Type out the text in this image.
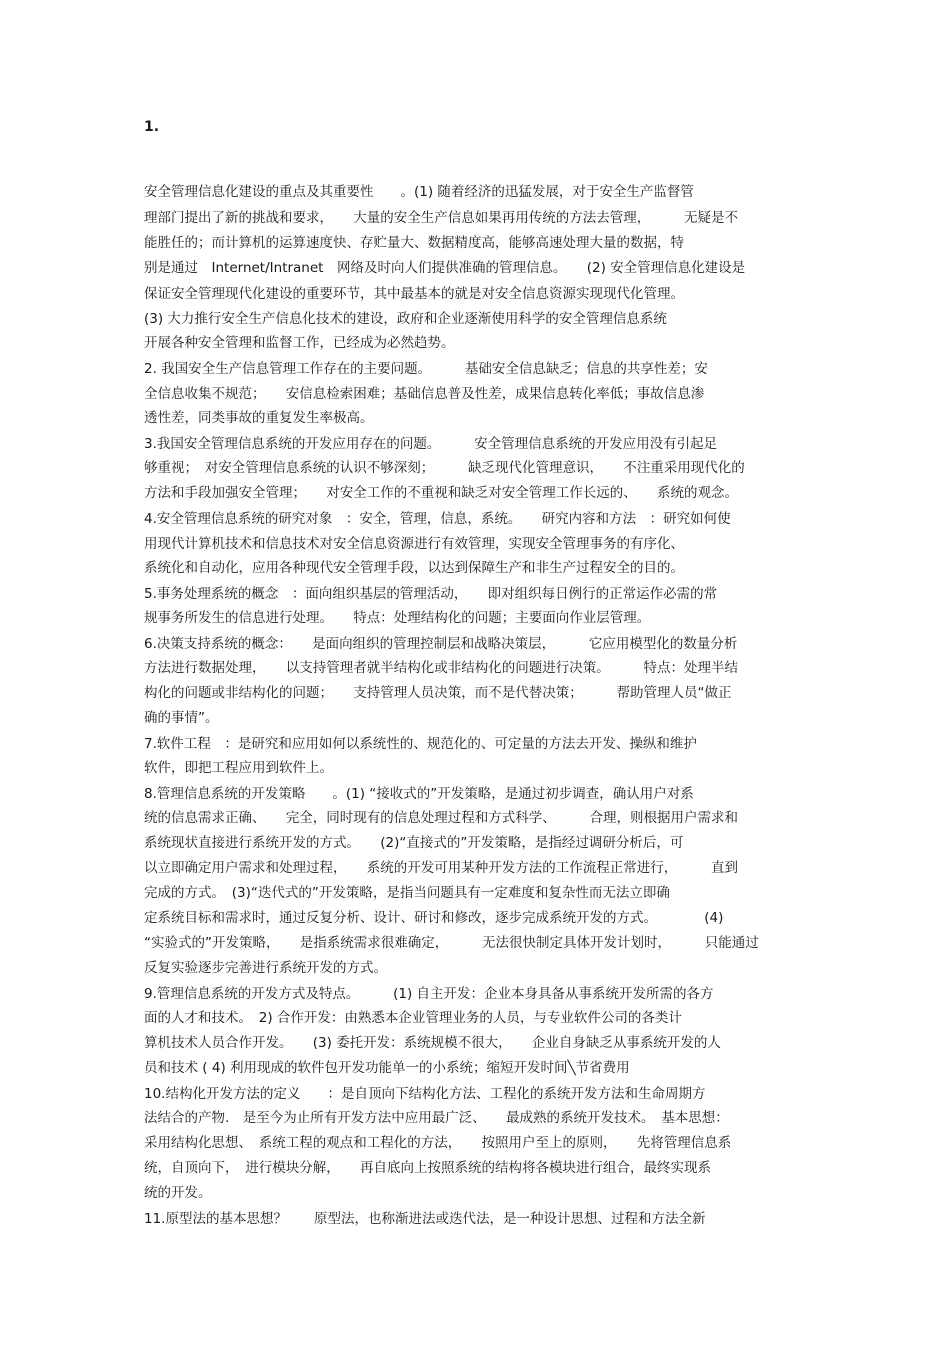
1.

安全管理信息化建设的重点及其重要性　　。(1) 随着经济的迅猛发展，对于安全生产监督管

理部门提出了新的挑战和要求，　　大量的安全生产信息如果再用传统的方法去管理，　　　无疑是不

能胜任的；而计算机的运算速度快、存贮量大、数据精度高，能够高速处理大量的数据，特

别是通过　Internet/Intranet　网络及时向人们提供准确的管理信息。　　(2) 安全管理信息化建设是

保证安全管理现代化建设的重要环节，其中最基本的就是对安全信息资源实现现代化管理。

(3) 大力推行安全生产信息化技术的建设，政府和企业逐渐使用科学的安全管理信息系统

开展各种安全管理和监督工作，已经成为必然趋势。

2. 我国安全生产信息管理工作存在的主要问题。　　　基础安全信息缺乏；信息的共享性差；安

全信息收集不规范；　　安信息检索困难；基础信息普及性差，成果信息转化率低；事故信息渗

透性差，同类事故的重复发生率极高。

3.我国安全管理信息系统的开发应用存在的问题。　　　安全管理信息系统的开发应用没有引起足

够重视；　对安全管理信息系统的认识不够深刻；　　　缺乏现代化管理意识，　　不注重采用现代化的

方法和手段加强安全管理；　　对安全工作的不重视和缺乏对安全管理工作长远的、　　系统的观念。

4.安全管理信息系统的研究对象　：安全，管理，信息，系统。　　研究内容和方法　：研究如何使

用现代计算机技术和信息技术对安全信息资源进行有效管理，实现安全管理事务的有序化、

系统化和自动化，应用各种现代安全管理手段，以达到保障生产和非生产过程安全的目的。

5.事务处理系统的概念　：面向组织基层的管理活动，　　即对组织每日例行的正常运作必需的常

规事务所发生的信息进行处理。　　特点：处理结构化的问题；主要面向作业层管理。

6.决策支持系统的概念：　　是面向组织的管理控制层和战略决策层，　　　它应用模型化的数量分析

方法进行数据处理，　　以支持管理者就半结构化或非结构化的问题进行决策。　　　特点：处理半结

构化的问题或非结构化的问题；　　支持管理人员决策，而不是代替决策；　　　帮助管理人员“做正

确的事情”。

7.软件工程　：是研究和应用如何以系统性的、规范化的、可定量的方法去开发、操纵和维护

软件，即把工程应用到软件上。

8.管理信息系统的开发策略　　。(1) “接收式的”开发策略，是通过初步调查，确认用户对系

统的信息需求正确、　　完全，同时现有的信息处理过程和方式科学、　　　合理，则根据用户需求和

系统现状直接进行系统开发的方式。　　(2)“直接式的”开发策略，是指经过调研分析后，可

以立即确定用户需求和处理过程，　　系统的开发可用某种开发方法的工作流程正常进行，　　　直到

完成的方式。　(3)“迭代式的”开发策略，是指当问题具有一定难度和复杂性而无法立即确

定系统目标和需求时，通过反复分析、设计、研讨和修改，逐步完成系统开发的方式。　　　　(4)

“实验式的”开发策略，　　是指系统需求很难确定，　　　无法很快制定具体开发计划时，　　　只能通过

反复实验逐步完善进行系统开发的方式。

9.管理信息系统的开发方式及特点。　　　(1) 自主开发：企业本身具备从事系统开发所需的各方

面的人才和技术。　2) 合作开发：由熟悉本企业管理业务的人员，与专业软件公司的各类计

算机技术人员合作开发。　　(3) 委托开发：系统规模不很大，　　企业自身缺乏从事系统开发的人

员和技术 ( 4) 利用现成的软件包开发功能单一的小系统；缩短开发时间╲节省费用

10.结构化开发方法的定义　　：是自顶向下结构化方法、工程化的系统开发方法和生命周期方

法结合的产物.　是至今为止所有开发方法中应用最广泛、　　最成熟的系统开发技术。　基本思想：

采用结构化思想、　系统工程的观点和工程化的方法，　　按照用户至上的原则，　　先将管理信息系

统，自顶向下，　进行模块分解，　　再自底向上按照系统的结构将各模块进行组合，最终实现系

统的开发。

11.原型法的基本思想？　　原型法，也称渐进法或迭代法，是一种设计思想、过程和方法全新
